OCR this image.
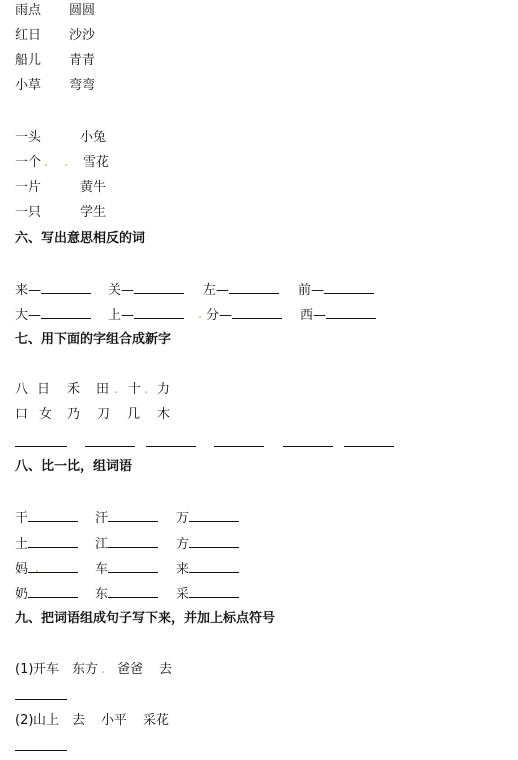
雨点 圆圆
红日 沙沙
船儿 青青
小草 弯弯
一头	小兔
一个 . . 雪花
一片	黄牛
一只	学生
六、写出意思相反的词
来—	关—	左—	前—
大—	上—	. 分—	西—
七、用下面的字组合成新字
八 日 禾 田 . 十 . 力
口 女 乃 刀 几 木
八、比一比，组词语
干	汗	万
土	江	方
妈 .	车	来
奶	东	采
九、把词语组成句子写下来，并加上标点符号
(1) 开车 东方 . 爸爸 去
(2) 山上 去 小平 采花
